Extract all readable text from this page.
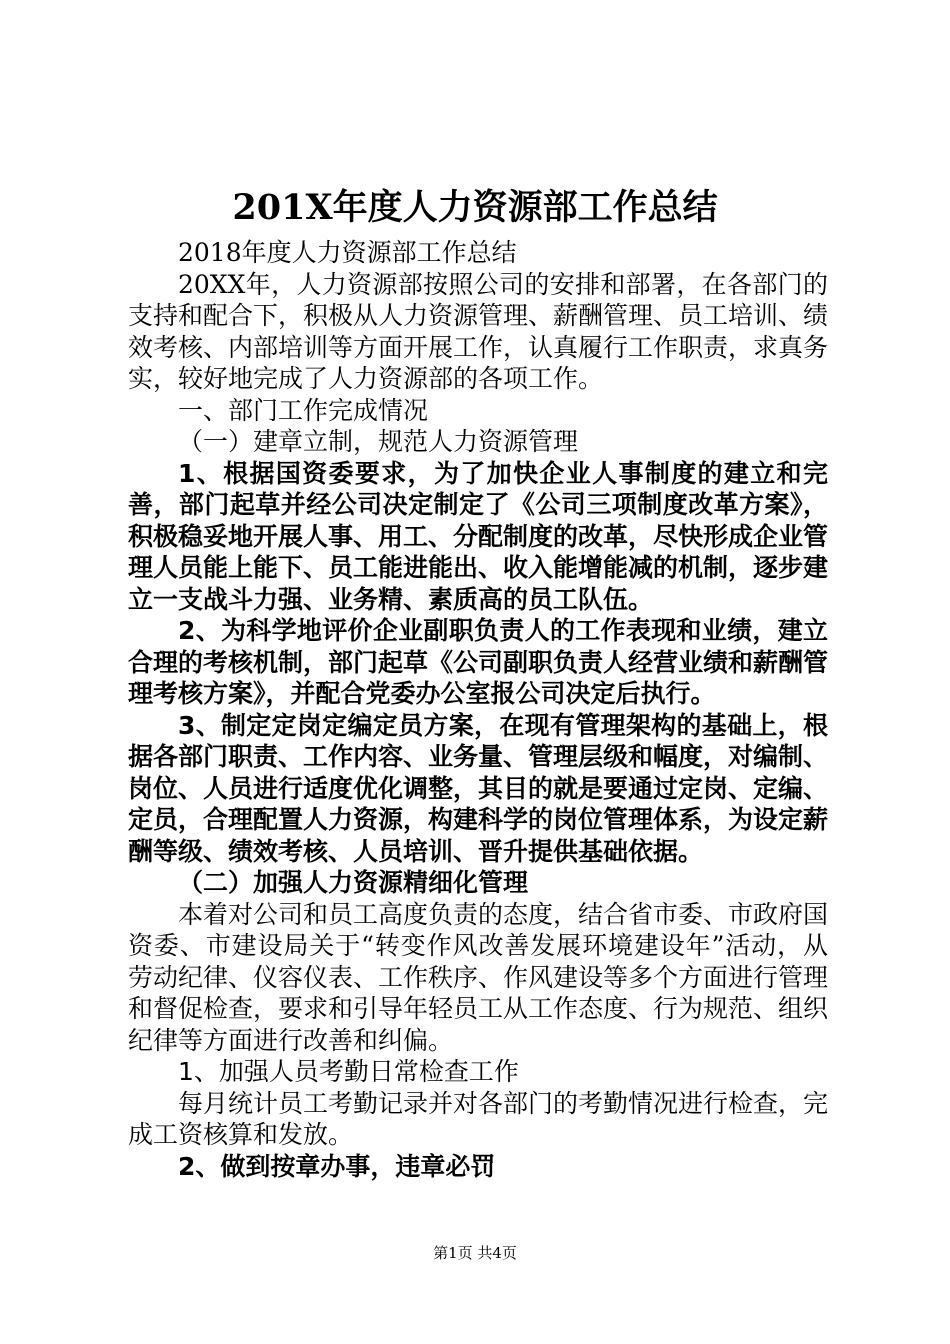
201X年度人力资源部工作总结

2018年度人力资源部工作总结

20XX年，人力资源部按照公司的安排和部署，在各部门的支持和配合下，积极从人力资源管理、薪酬管理、员工培训、绩效考核、内部培训等方面开展工作，认真履行工作职责，求真务实，较好地完成了人力资源部的各项工作。

一、部门工作完成情况

（一）建章立制，规范人力资源管理

1、根据国资委要求，为了加快企业人事制度的建立和完善，部门起草并经公司决定制定了《公司三项制度改革方案》，积极稳妥地开展人事、用工、分配制度的改革，尽快形成企业管理人员能上能下、员工能进能出、收入能增能减的机制，逐步建立一支战斗力强、业务精、素质高的员工队伍。

2、为科学地评价企业副职负责人的工作表现和业绩，建立合理的考核机制，部门起草《公司副职负责人经营业绩和薪酬管理考核方案》，并配合党委办公室报公司决定后执行。

3、制定定岗定编定员方案，在现有管理架构的基础上，根据各部门职责、工作内容、业务量、管理层级和幅度，对编制、岗位、人员进行适度优化调整，其目的就是要通过定岗、定编、定员，合理配置人力资源，构建科学的岗位管理体系，为设定薪酬等级、绩效考核、人员培训、晋升提供基础依据。

（二）加强人力资源精细化管理

本着对公司和员工高度负责的态度，结合省市委、市政府国资委、市建设局关于“转变作风改善发展环境建设年”活动，从劳动纪律、仪容仪表、工作秩序、作风建设等多个方面进行管理和督促检查，要求和引导年轻员工从工作态度、行为规范、组织纪律等方面进行改善和纠偏。

1、加强人员考勤日常检查工作

每月统计员工考勤记录并对各部门的考勤情况进行检查，完成工资核算和发放。

2、做到按章办事，违章必罚

第1页 共4页
